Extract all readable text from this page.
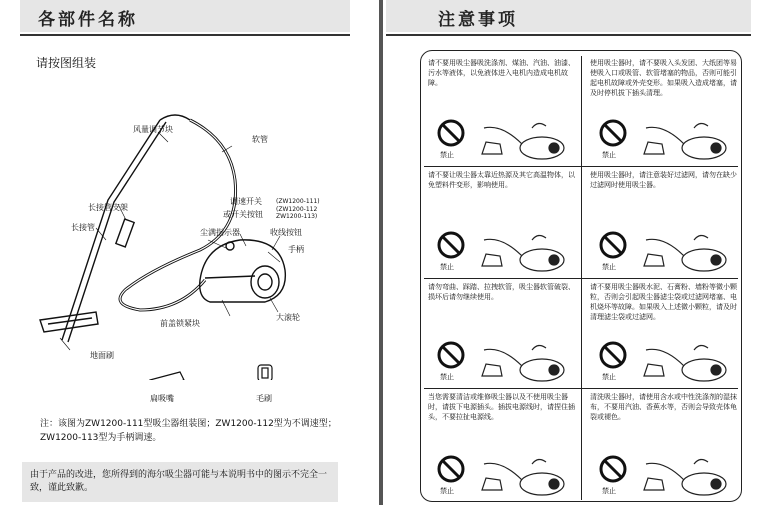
各部件名称
请按图组装
风量调节块
软管
长接管支架
长接管
调速开关 (ZW1200-111)
或开关按钮
(ZW1200-112
ZW1200-113)
尘满指示器	收线按钮
手柄
前盖锁紧块
大滚轮
地面刷
扁吸嘴	毛刷
注：该图为ZW1200-111型吸尘器组装图；ZW1200-112型为不调速型；ZW1200-113型为手柄调速。
由于产品的改进，您所得到的海尔吸尘器可能与本说明书中的图示不完全一致，谨此致歉。
注意事项
请不要用吸尘器吸洗涤剂、煤油、汽油、油漆、污水等液体，以免液体进入电机内造成电机故障。
禁止
使用吸尘器时，请不要吸入头发团、大纸团等易使吸入口或吸管、软管堵塞的物品，否则可能引起电机故障或外壳变形。如果吸入造成堵塞，请及时停机拔下插头清理。
禁止
请不要让吸尘器太靠近热源及其它高温物体，以免塑料件变形，影响使用。
禁止
使用吸尘器时，请注意装好过滤网，请勿在缺少过滤网时使用吸尘器。
禁止
请勿弯曲、踩踏、拉拽软管，吸尘器软管破裂、损坏后请勿继续使用。
禁止
请不要用吸尘器吸水泥、石膏粉、墙粉等微小颗粒，否则会引起吸尘器滤尘袋或过滤网堵塞、电机烧坏等故障。如果吸入上述微小颗粒，请及时清理滤尘袋或过滤网。
禁止
当您需要清洁或维修吸尘器以及不使用吸尘器时，请拔下电源插头。插拔电源线时，请捏住插头，不要拉扯电源线。
禁止
清洗吸尘器时，请使用含水或中性洗涤剂的湿抹布，不要用汽油、香蕉水等，否则会导致壳体龟裂或褪色。
禁止
